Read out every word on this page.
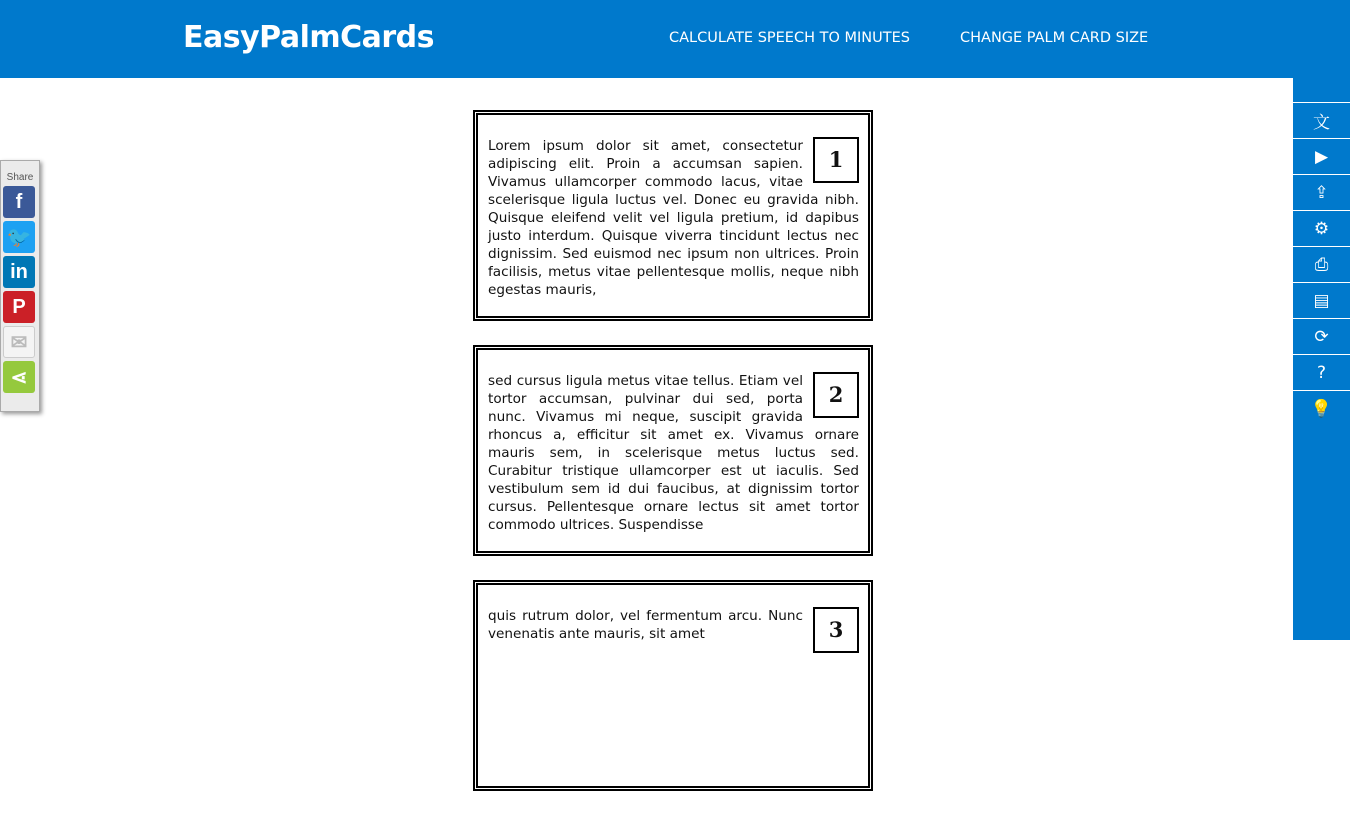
EasyPalmCards	CALCULATE SPEECH TO MINUTES	CHANGE PALM CARD SIZE
Share
f
🐦
in
P
✉
⋖
1
Lorem ipsum dolor sit amet, consectetur adipiscing elit. Proin a accumsan sapien. Vivamus ullamcorper commodo lacus, vitae scelerisque ligula luctus vel. Donec eu gravida nibh. Quisque eleifend velit vel ligula pretium, id dapibus justo interdum. Quisque viverra tincidunt lectus nec dignissim. Sed euismod nec ipsum non ultrices. Proin facilisis, metus vitae pellentesque mollis, neque nibh egestas mauris,
2
sed cursus ligula metus vitae tellus. Etiam vel tortor accumsan, pulvinar dui sed, porta nunc. Vivamus mi neque, suscipit gravida rhoncus a, efficitur sit amet ex. Vivamus ornare mauris sem, in scelerisque metus luctus sed. Curabitur tristique ullamcorper est ut iaculis. Sed vestibulum sem id dui faucibus, at dignissim tortor cursus. Pellentesque ornare lectus sit amet tortor commodo ultrices. Suspendisse
3
quis rutrum dolor, vel fermentum arcu. Nunc venenatis ante mauris, sit amet
文
▶
⇪
⚙
⎙
▤
⟳
?
💡
